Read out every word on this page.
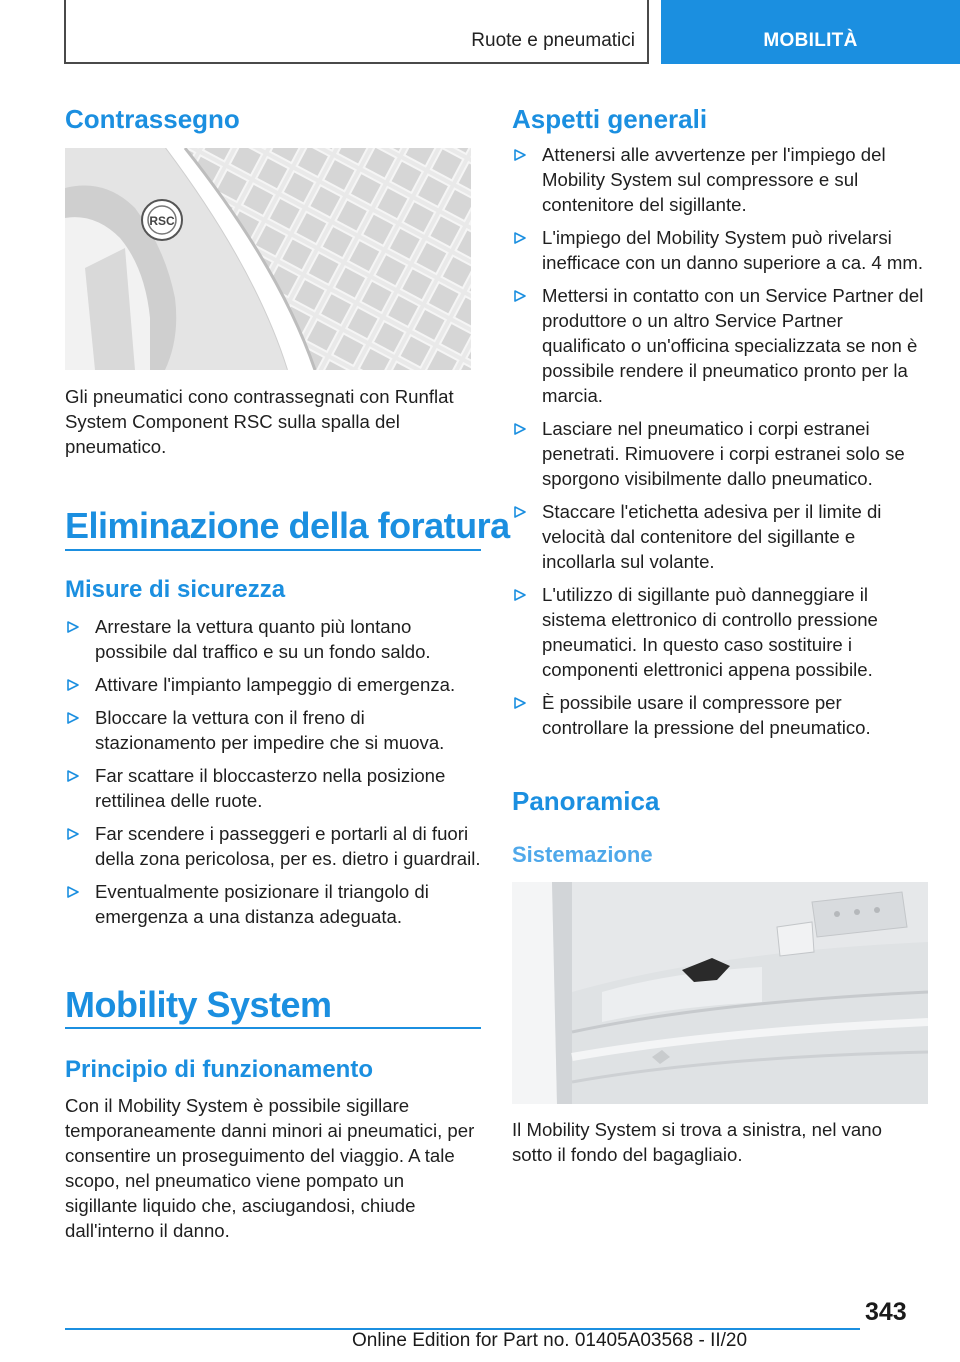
Ruote e pneumatici	MOBILITÀ
Contrassegno
RSC
Gli pneumatici cono contrassegnati con Runflat System Component RSC sulla spalla del pneumatico.
Eliminazione della foratura
Misure di sicurezza
Arrestare la vettura quanto più lontano possibile dal traffico e su un fondo saldo.
Attivare l'impianto lampeggio di emergenza.
Bloccare la vettura con il freno di stazionamento per impedire che si muova.
Far scattare il bloccasterzo nella posizione rettilinea delle ruote.
Far scendere i passeggeri e portarli al di fuori della zona pericolosa, per es. dietro i guardrail.
Eventualmente posizionare il triangolo di emergenza a una distanza adeguata.
Mobility System
Principio di funzionamento
Con il Mobility System è possibile sigillare temporaneamente danni minori ai pneumatici, per consentire un proseguimento del viaggio. A tale scopo, nel pneumatico viene pompato un sigillante liquido che, asciugandosi, chiude dall'interno il danno.
Aspetti generali
Attenersi alle avvertenze per l'impiego del Mobility System sul compressore e sul contenitore del sigillante.
L'impiego del Mobility System può rivelarsi inefficace con un danno superiore a ca. 4 mm.
Mettersi in contatto con un Service Partner del produttore o un altro Service Partner qualificato o un'officina specializzata se non è possibile rendere il pneumatico pronto per la marcia.
Lasciare nel pneumatico i corpi estranei penetrati. Rimuovere i corpi estranei solo se sporgono visibilmente dallo pneumatico.
Staccare l'etichetta adesiva per il limite di velocità dal contenitore del sigillante e incollarla sul volante.
L'utilizzo di sigillante può danneggiare il sistema elettronico di controllo pressione pneumatici. In questo caso sostituire i componenti elettronici appena possibile.
È possibile usare il compressore per controllare la pressione del pneumatico.
Panoramica
Sistemazione
Il Mobility System si trova a sinistra, nel vano sotto il fondo del bagagliaio.
343
Online Edition for Part no. 01405A03568 - II/20
